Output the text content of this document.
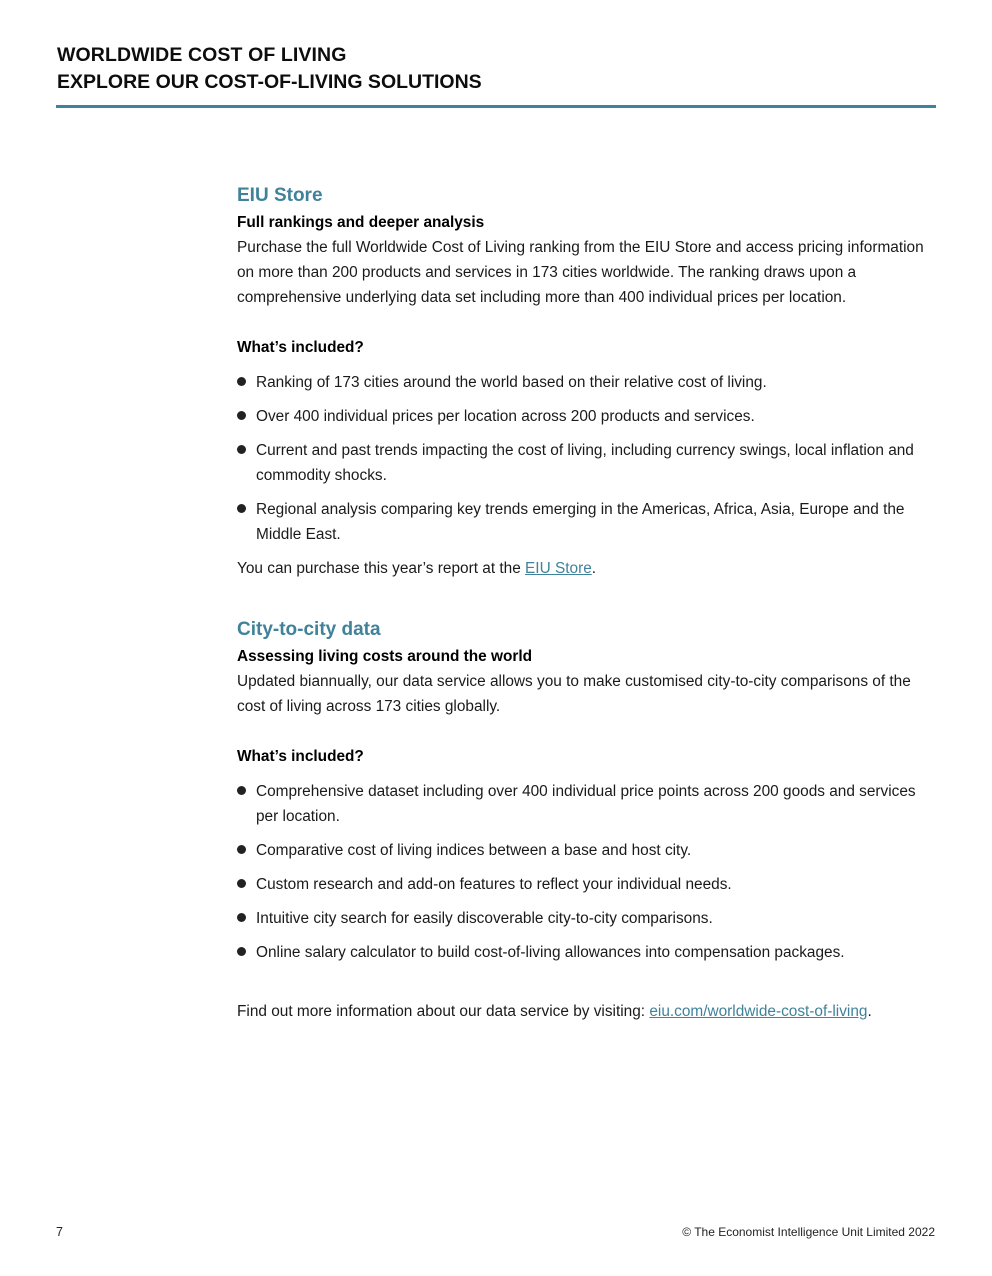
WORLDWIDE COST OF LIVING
EXPLORE OUR COST-OF-LIVING SOLUTIONS
EIU Store

Full rankings and deeper analysis

Purchase the full Worldwide Cost of Living ranking from the EIU Store and access pricing information on more than 200 products and services in 173 cities worldwide. The ranking draws upon a comprehensive underlying data set including more than 400 individual prices per location.

What’s included?

Ranking of 173 cities around the world based on their relative cost of living.
Over 400 individual prices per location across 200 products and services.
Current and past trends impacting the cost of living, including currency swings, local inflation and commodity shocks.
Regional analysis comparing key trends emerging in the Americas, Africa, Asia, Europe and the Middle East.

You can purchase this year’s report at the EIU Store.

City-to-city data

Assessing living costs around the world

Updated biannually, our data service allows you to make customised city-to-city comparisons of the cost of living across 173 cities globally.

What’s included?

Comprehensive dataset including over 400 individual price points across 200 goods and services per location.
Comparative cost of living indices between a base and host city.
Custom research and add-on features to reflect your individual needs.
Intuitive city search for easily discoverable city-to-city comparisons.
Online salary calculator to build cost-of-living allowances into compensation packages.

Find out more information about our data service by visiting: eiu.com/worldwide-cost-of-living.

7	© The Economist Intelligence Unit Limited 2022
